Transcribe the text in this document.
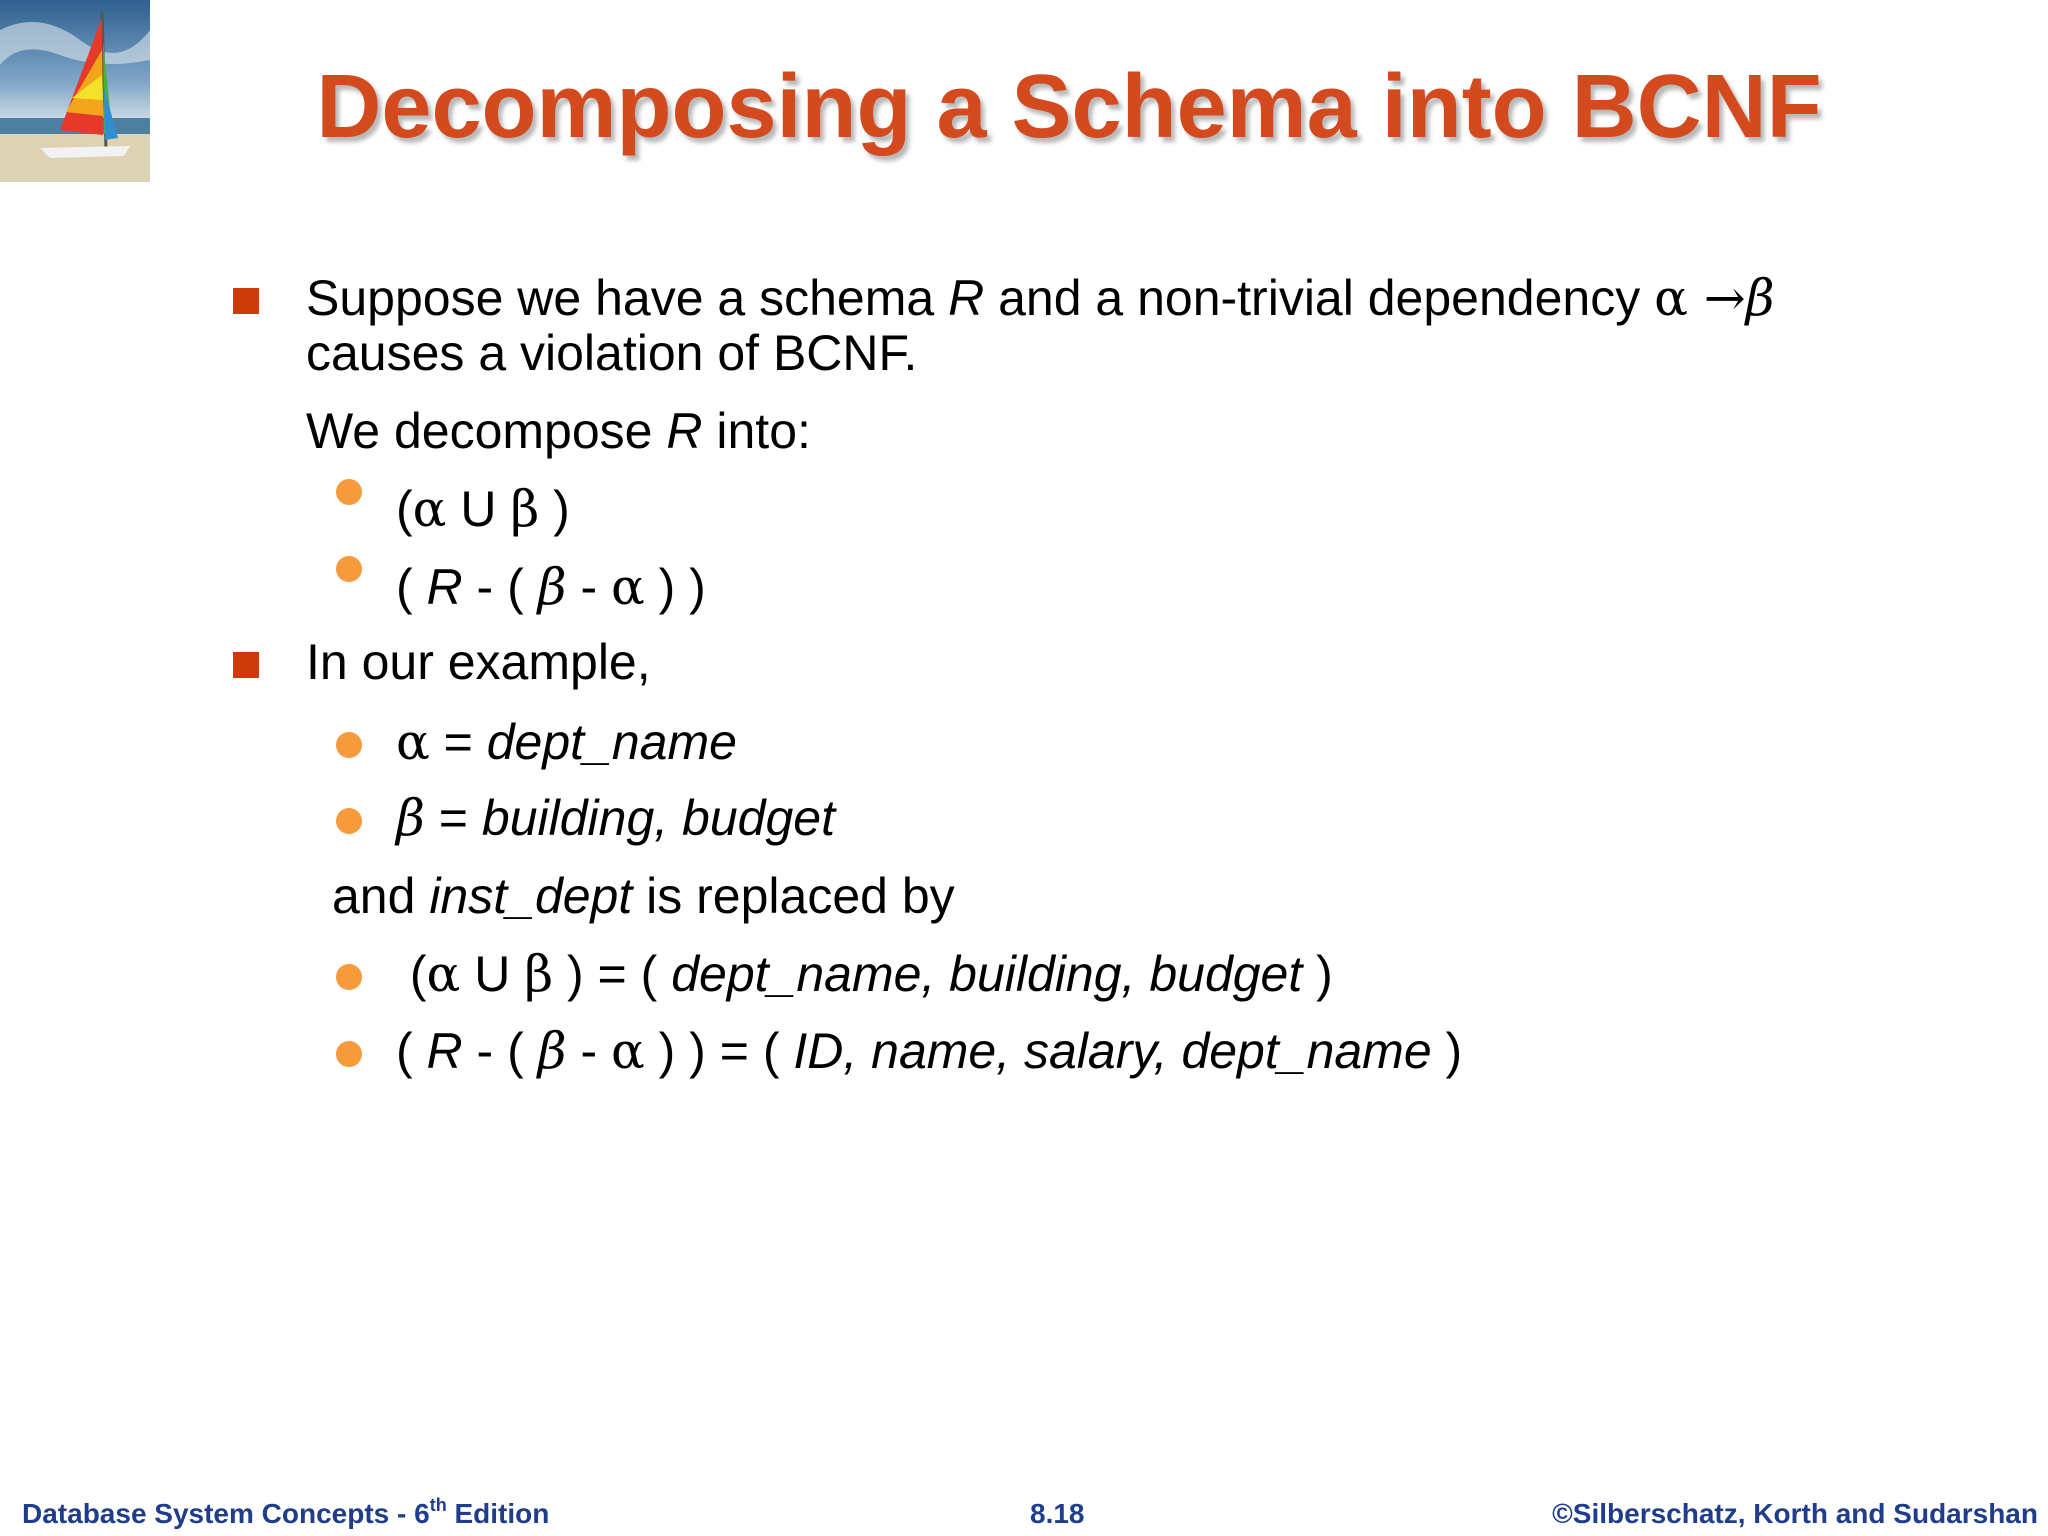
Decomposing a Schema into BCNF
Suppose we have a schema R and a non-trivial dependency α →β
causes a violation of BCNF.
We decompose R into:
(α U β )
( R - ( β - α ) )
In our example,
α = dept_name
β = building, budget
and inst_dept is replaced by
(α U β ) = ( dept_name, building, budget )
( R - ( β - α ) ) = ( ID, name, salary, dept_name )
Database System Concepts - 6th Edition	8.18	©Silberschatz, Korth and Sudarshan
